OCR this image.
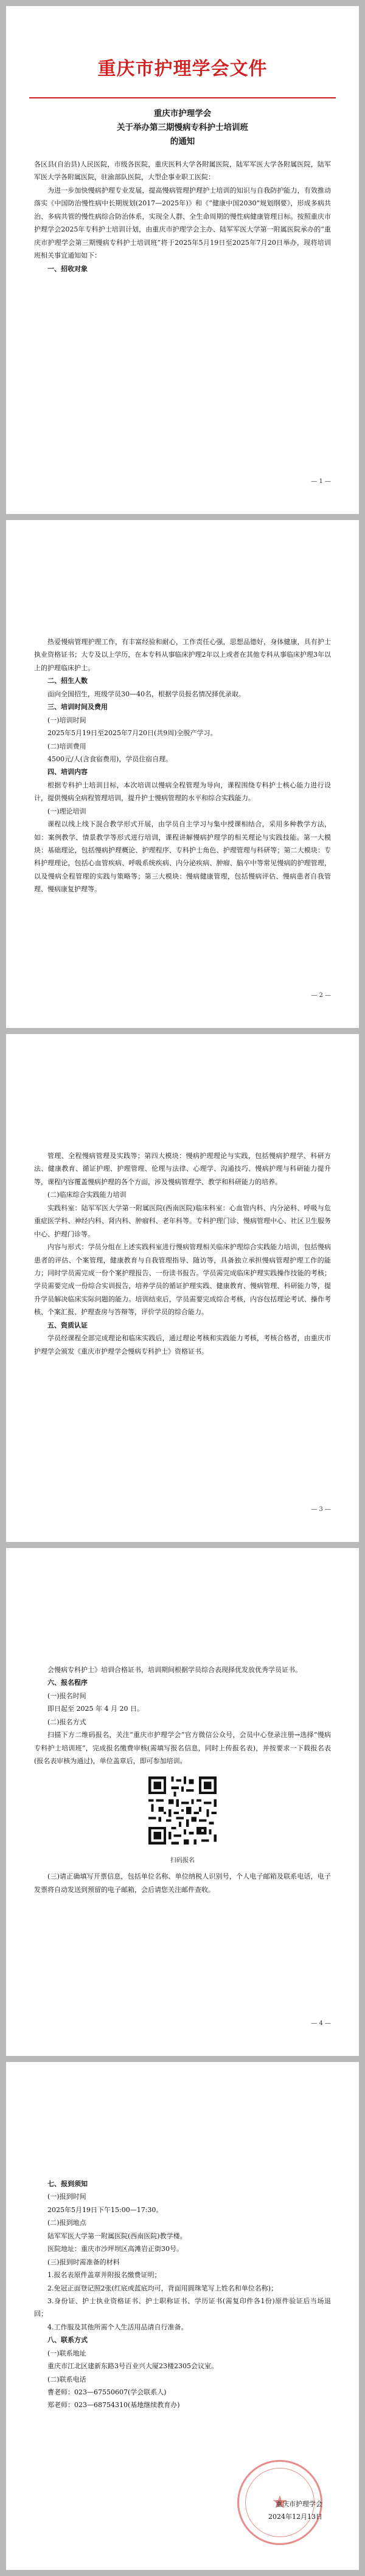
重庆市护理学会文件
重庆市护理学会
关于举办第三期慢病专科护士培训班
的通知

各区县(自治县)人民医院，市级各医院，重庆医科大学各附属医院，陆军军医大学各附属医院，陆军军医大学各附属医院，驻渝部队医院，大型企事业职工医院：

为进一步加快慢病护理专业发展，提高慢病管理护理护士培训的知识与自我防护能力，有效推动落实《中国防治慢性病中长期规划(2017—2025年)》和《“健康中国2030”规划纲要》，形成多病共治、多病共管的慢性病综合防治体系，实现全人群、全生命周期的慢性病健康管理目标。按照重庆市护理学会2025年专科护士培训计划，由重庆市护理学会主办、陆军军医大学第一附属医院承办的“重庆市护理学会第三期慢病专科护士培训班”将于2025年5月19日至2025年7月20日举办，现将培训班相关事宜通知如下：

一、招收对象

— 1 —

热爱慢病管理护理工作，有丰富经验和耐心，工作责任心强，思想品德好，身体健康，具有护士执业资格证书；大专及以上学历，在本专科从事临床护理2年以上或者在其他专科从事临床护理3年以上的护理临床护士。

二、招生人数

面向全国招生，班级学员30—40名，根据学员报名情况择优录取。

三、培训时间及费用

(一)培训时间

2025年5月19日至2025年7月20日(共9周)全脱产学习。

(二)培训费用

4500元/人(含食宿费用)，学员住宿自理。

四、培训内容

根据专科护士培训目标，本次培训以慢病全程管理为导向，课程围绕专科护士核心能力进行设计，提供慢病全病程管理培训，提升护士慢病管理的水平和综合实践能力。

(一)理论培训

课程以线上线下混合教学形式开展，由学员自主学习与集中授课相结合，采用多种教学方法，如：案例教学、情景教学等形式进行培训，课程讲解慢病护理学的相关理论与实践技能。第一大模块：基础理论，包括慢病护理概论、护理程序、专科护士角色、护理管理与科研等；第二大模块：专科护理理论，包括心血管疾病、呼吸系统疾病、内分泌疾病、肿瘤、脑卒中等常见慢病的护理管理，以及慢病全程管理的实践与策略等；第三大模块：慢病健康管理，包括慢病评估、慢病患者自我管理、慢病康复护理等。

— 2 —

管理、全程慢病管理及实践等；第四大模块：慢病护理理论与实践，包括慢病护理学、科研方法、健康教育、循证护理、护理管理、伦理与法律、心理学、沟通技巧、慢病护理与科研能力提升等，课程内容覆盖慢病护理的各个方面，涉及慢病管理学、教学和科研能力的培养。

(二)临床综合实践能力培训

实践科室：陆军军医大学第一附属医院(西南医院)临床科室：心血管内科、内分泌科、呼吸与危重症医学科、神经内科、肾内科、肿瘤科、老年科等。专科护理门诊、慢病管理中心、社区卫生服务中心、护理门诊等。

内容与形式：学员分组在上述实践科室进行慢病管理相关临床护理综合实践能力培训，包括慢病患者的评估、个案管理，健康教育与自我管理指导、随访等，具备独立承担慢病管理护理工作的能力；同时学员需完成一份个案护理报告、一份读书报告。学员需完成临床护理实践操作技能的考核；学员需要完成一份综合实训报告，培养学员的循证护理实践、健康教育、慢病管理、科研能力等，提升学员解决临床实际问题的能力。培训结束后，学员需要完成综合考核，内容包括理论考试、操作考核、个案汇报、护理查房与答辩等，评价学员的综合能力。

五、资质认证

学员经课程全部完成理论和临床实践后，通过理论考核和实践能力考核，考核合格者，由重庆市护理学会颁发《重庆市护理学会慢病专科护士》资格证书。

— 3 —

会慢病专科护士》培训合格证书，培训期间根据学员综合表现择优发放优秀学员证书。

六、报名程序

(一)报名时间

即日起至 2025 年 4 月 20 日。

(二)报名方式

扫描下方二维码报名，关注“重庆市护理学会”官方微信公众号，会员中心登录注册→选择“慢病专科护士培训班”，完成报名缴费审核(需填写报名信息，同时上传报名表)，并按要求一下载报名表(报名表审核为通过)，单位盖章后，即可参加培训。

扫码报名

(三)请正确填写开票信息，包括单位名称、单位纳税人识别号，个人电子邮箱及联系电话，电子发票将自动发送到预留的电子邮箱，会后请您关注邮件查收。

— 4 —

七、报到须知

(一)报到时间

2025年5月19日下午15:00—17:30。

(二)报到地点

陆军军医大学第一附属医院(西南医院)教学楼。

医院地址：重庆市沙坪坝区高滩岩正街30号。

(三)报到时需准备的材料

1.报名表原件盖章并附报名缴费证明；

2.免冠正面登记照2张(红底或蓝底均可，背面用圆珠笔写上姓名和单位名称)；

3.身份证、护士执业资格证书、护士职称证书、学历证书(需复印件各1份)原件验证后当场退回；

4.工作服及其他所需个人生活用品请自行准备。

八、联系方式

(一)联系地址

重庆市江北区建新东路3号百业兴大厦23楼2305会议室。

(二)联系电话

曹老师：023—67550607(学会联系人)

郑老师：023—68754310(基地继续教育办)

★
重庆市护理学会
2024年12月13日
